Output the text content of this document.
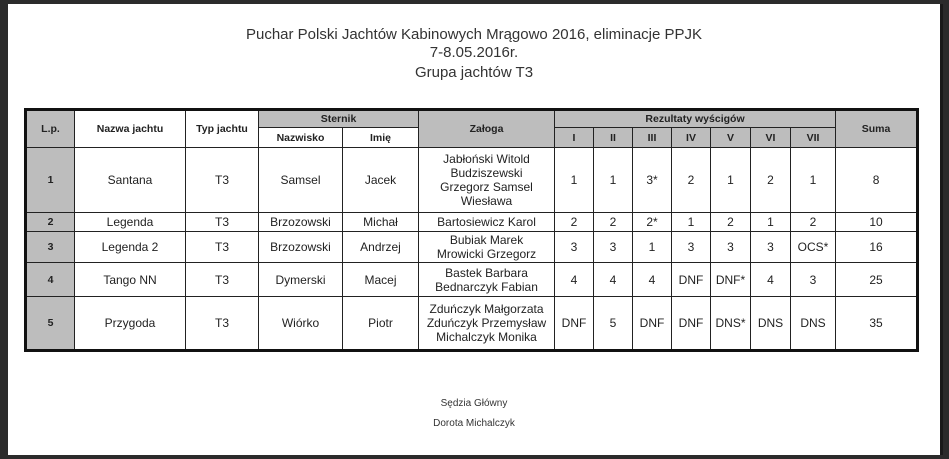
Puchar Polski Jachtów Kabinowych Mrągowo 2016, eliminacje PPJK
7-8.05.2016r.
Grupa jachtów T3
L.p.	Nazwa jachtu	Typ jachtu	Sternik		Załoga	Rezultaty wyścigów							Suma
			Nazwisko	Imię		I	II	III	IV	V	VI	VII	
1	Santana	T3	Samsel	Jacek	Jabłoński Witold
Budziszewski
Grzegorz Samsel
Wiesława	1	1	3*	2	1	2	1	8
2	Legenda	T3	Brzozowski	Michał	Bartosiewicz Karol	2	2	2*	1	2	1	2	10
3	Legenda 2	T3	Brzozowski	Andrzej	Bubiak Marek
Mrowicki Grzegorz	3	3	1	3	3	3	OCS*	16
4	Tango NN	T3	Dymerski	Macej	Bastek Barbara
Bednarczyk Fabian	4	4	4	DNF	DNF*	4	3	25
5	Przygoda	T3	Wiórko	Piotr	Zduńczyk Małgorzata
Zduńczyk Przemysław
Michalczyk Monika	DNF	5	DNF	DNF	DNS*	DNS	DNS	35
Sędzia Główny
Dorota Michalczyk
